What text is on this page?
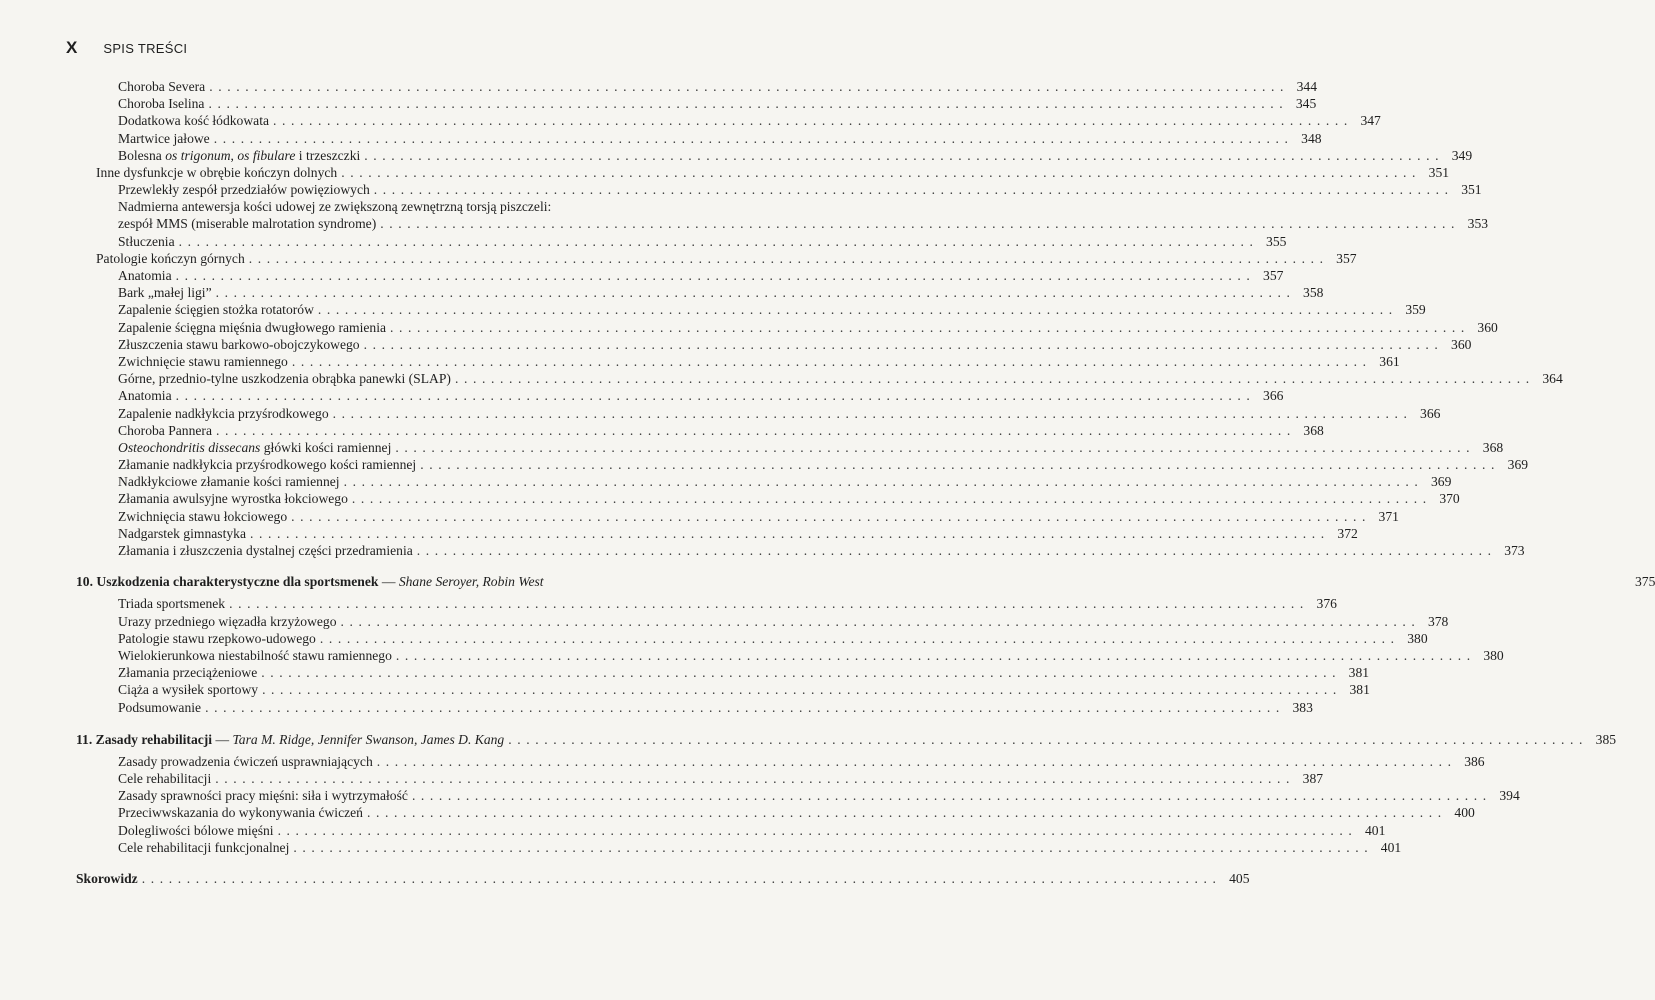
X SPIS TREŚCI
Choroba Severa ........................................................................................................................ 344
Choroba Iselina ........................................................................................................................ 345
Dodatkowa kość łódkowata ........................................................................................................................ 347
Martwice jałowe ........................................................................................................................ 348
Bolesna os trigonum, os fibulare i trzeszczki ........................................................................................................................ 349
Inne dysfunkcje w obrębie kończyn dolnych ........................................................................................................................ 351
Przewlekły zespół przedziałów powięziowych ........................................................................................................................ 351
Nadmierna antewersja kości udowej ze zwiększoną zewnętrzną torsją piszczeli:
zespół MMS (miserable malrotation syndrome) ........................................................................................................................ 353
Stłuczenia ........................................................................................................................ 355
Patologie kończyn górnych ........................................................................................................................ 357
Anatomia ........................................................................................................................ 357
Bark „małej ligi” ........................................................................................................................ 358
Zapalenie ścięgien stożka rotatorów ........................................................................................................................ 359
Zapalenie ścięgna mięśnia dwugłowego ramienia ........................................................................................................................ 360
Złuszczenia stawu barkowo-obojczykowego ........................................................................................................................ 360
Zwichnięcie stawu ramiennego ........................................................................................................................ 361
Górne, przednio-tylne uszkodzenia obrąbka panewki (SLAP) ........................................................................................................................ 364
Anatomia ........................................................................................................................ 366
Zapalenie nadkłykcia przyśrodkowego ........................................................................................................................ 366
Choroba Pannera ........................................................................................................................ 368
Osteochondritis dissecans główki kości ramiennej ........................................................................................................................ 368
Złamanie nadkłykcia przyśrodkowego kości ramiennej ........................................................................................................................ 369
Nadkłykciowe złamanie kości ramiennej ........................................................................................................................ 369
Złamania awulsyjne wyrostka łokciowego ........................................................................................................................ 370
Zwichnięcia stawu łokciowego ........................................................................................................................ 371
Nadgarstek gimnastyka ........................................................................................................................ 372
Złamania i złuszczenia dystalnej części przedramienia ........................................................................................................................ 373
10. Uszkodzenia charakterystyczne dla sportsmenek — Shane Seroyer, Robin West	375
Triada sportsmenek ........................................................................................................................ 376
Urazy przedniego więzadła krzyżowego ........................................................................................................................ 378
Patologie stawu rzepkowo-udowego ........................................................................................................................ 380
Wielokierunkowa niestabilność stawu ramiennego ........................................................................................................................ 380
Złamania przeciążeniowe ........................................................................................................................ 381
Ciąża a wysiłek sportowy ........................................................................................................................ 381
Podsumowanie ........................................................................................................................ 383
11. Zasady rehabilitacji — Tara M. Ridge, Jennifer Swanson, James D. Kang ........................................................................................................................ 385
Zasady prowadzenia ćwiczeń usprawniających ........................................................................................................................ 386
Cele rehabilitacji ........................................................................................................................ 387
Zasady sprawności pracy mięśni: siła i wytrzymałość ........................................................................................................................ 394
Przeciwwskazania do wykonywania ćwiczeń ........................................................................................................................ 400
Dolegliwości bólowe mięśni ........................................................................................................................ 401
Cele rehabilitacji funkcjonalnej ........................................................................................................................ 401
Skorowidz ........................................................................................................................ 405
